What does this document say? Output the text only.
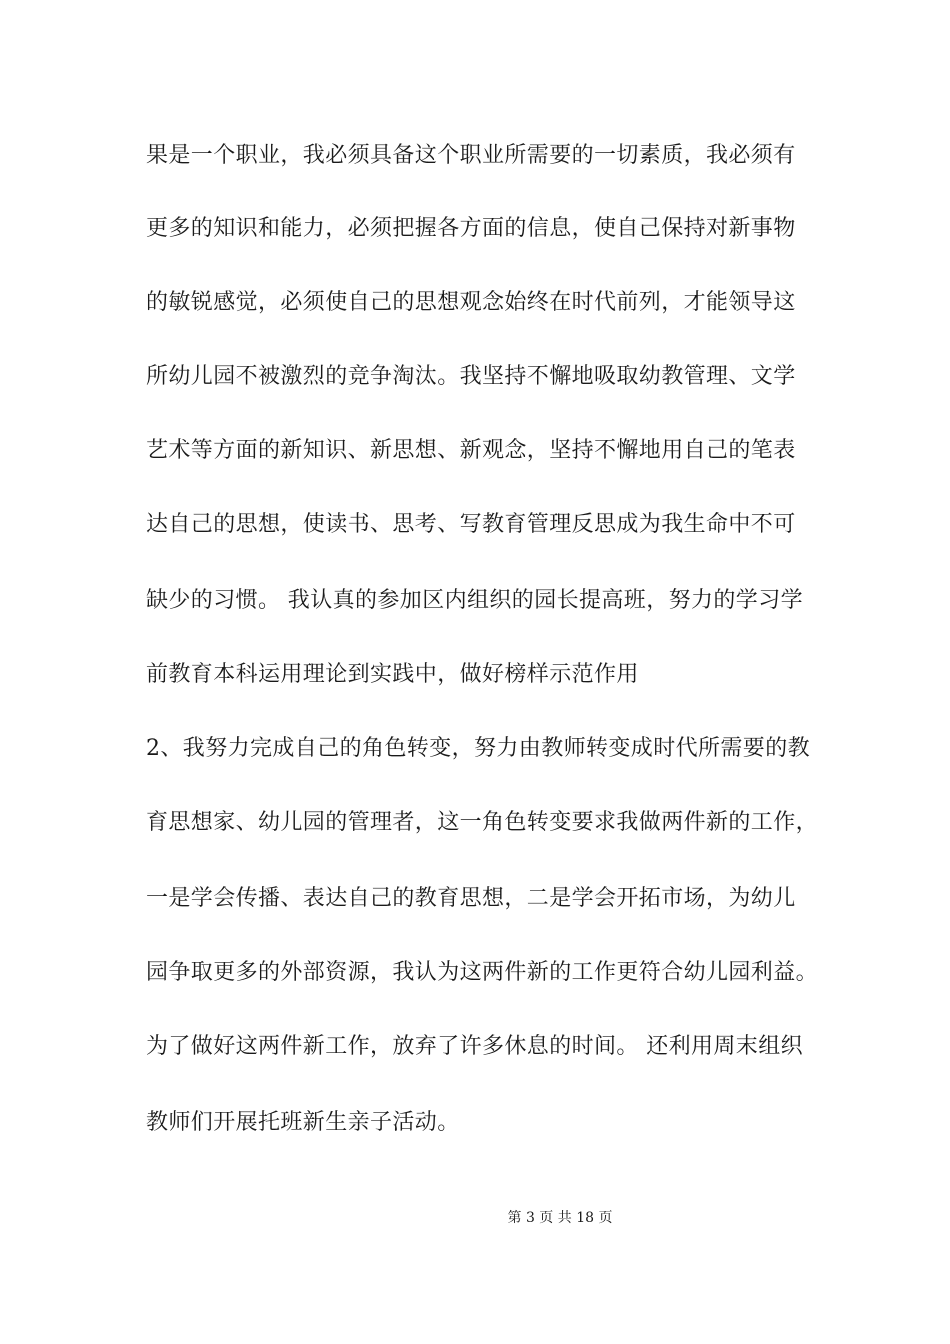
果是一个职业，我必须具备这个职业所需要的一切素质，我必须有
更多的知识和能力，必须把握各方面的信息，使自己保持对新事物
的敏锐感觉，必须使自己的思想观念始终在时代前列，才能领导这
所幼儿园不被激烈的竞争淘汰。我坚持不懈地吸取幼教管理、文学
艺术等方面的新知识、新思想、新观念，坚持不懈地用自己的笔表
达自己的思想，使读书、思考、写教育管理反思成为我生命中不可
缺少的习惯。 我认真的参加区内组织的园长提高班，努力的学习学
前教育本科运用理论到实践中，做好榜样示范作用
2、我努力完成自己的角色转变，努力由教师转变成时代所需要的教
育思想家、幼儿园的管理者，这一角色转变要求我做两件新的工作，
一是学会传播、表达自己的教育思想，二是学会开拓市场，为幼儿
园争取更多的外部资源，我认为这两件新的工作更符合幼儿园利益。
为了做好这两件新工作，放弃了许多休息的时间。 还利用周末组织
教师们开展托班新生亲子活动。
第 3 页 共 18 页
